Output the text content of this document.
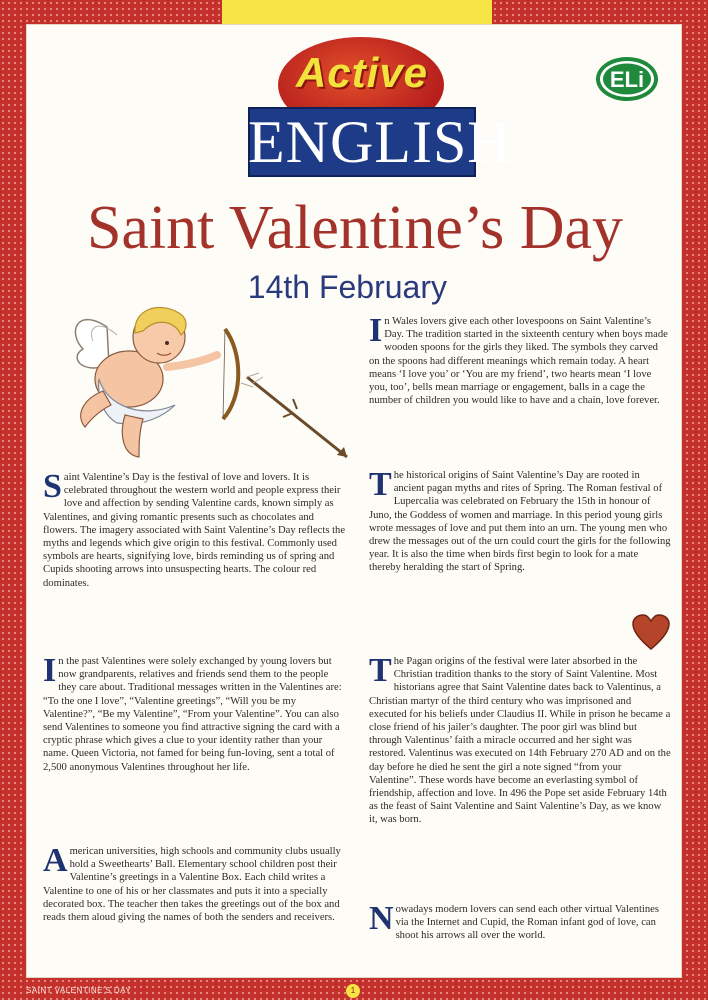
Active
ENGLISH
ELi
Saint Valentine’s Day
14th February
Saint Valentine’s Day is the festival of love and lovers. It is celebrated throughout the western world and people express their love and affection by sending Valentine cards, known simply as Valentines, and giving romantic presents such as chocolates and flowers. The imagery associated with Saint Valentine’s Day reflects the myths and legends which give origin to this festival. Commonly used symbols are hearts, signifying love, birds reminding us of spring and Cupids shooting arrows into unsuspecting hearts. The colour red dominates.
In the past Valentines were solely exchanged by young lovers but now grandparents, relatives and friends send them to the people they care about. Traditional messages written in the Valentines are: “To the one I love”, “Valentine greetings”, “Will you be my Valentine?”, “Be my Valentine”, “From your Valentine”. You can also send Valentines to someone you find attractive signing the card with a cryptic phrase which gives a clue to your identity rather than your name. Queen Victoria, not famed for being fun-loving, sent a total of 2,500 anonymous Valentines throughout her life.
American universities, high schools and community clubs usually hold a Sweethearts’ Ball. Elementary school children post their Valentine’s greetings in a Valentine Box. Each child writes a Valentine to one of his or her classmates and puts it into a specially decorated box. The teacher then takes the greetings out of the box and reads them aloud giving the names of both the senders and receivers.
In Wales lovers give each other lovespoons on Saint Valentine’s Day. The tradition started in the sixteenth century when boys made wooden spoons for the girls they liked. The symbols they carved on the spoons had different meanings which remain today. A heart means ‘I love you’ or ‘You are my friend’, two hearts mean ‘I love you, too’, bells mean marriage or engagement, balls in a cage the number of children you would like to have and a chain, love forever.
The historical origins of Saint Valentine’s Day are rooted in ancient pagan myths and rites of Spring. The Roman festival of Lupercalia was celebrated on February the 15th in honour of Juno, the Goddess of women and marriage. In this period young girls wrote messages of love and put them into an urn. The young men who drew the messages out of the urn could court the girls for the following year. It is also the time when birds first begin to look for a mate thereby heralding the start of Spring.
The Pagan origins of the festival were later absorbed in the Christian tradition thanks to the story of Saint Valentine. Most historians agree that Saint Valentine dates back to Valentinus, a Christian martyr of the third century who was imprisoned and executed for his beliefs under Claudius II. While in prison he became a close friend of his jailer’s daughter. The poor girl was blind but through Valentinus’ faith a miracle occurred and her sight was restored. Valentinus was executed on 14th February 270 AD and on the day before he died he sent the girl a note signed “from your Valentine”. These words have become an everlasting symbol of friendship, affection and love. In 496 the Pope set aside February 14th as the feast of Saint Valentine and Saint Valentine’s Day, as we know it, was born.
Nowadays modern lovers can send each other virtual Valentines via the Internet and Cupid, the Roman infant god of love, can shoot his arrows all over the world.
SAINT VALENTINE’S DAY	1
